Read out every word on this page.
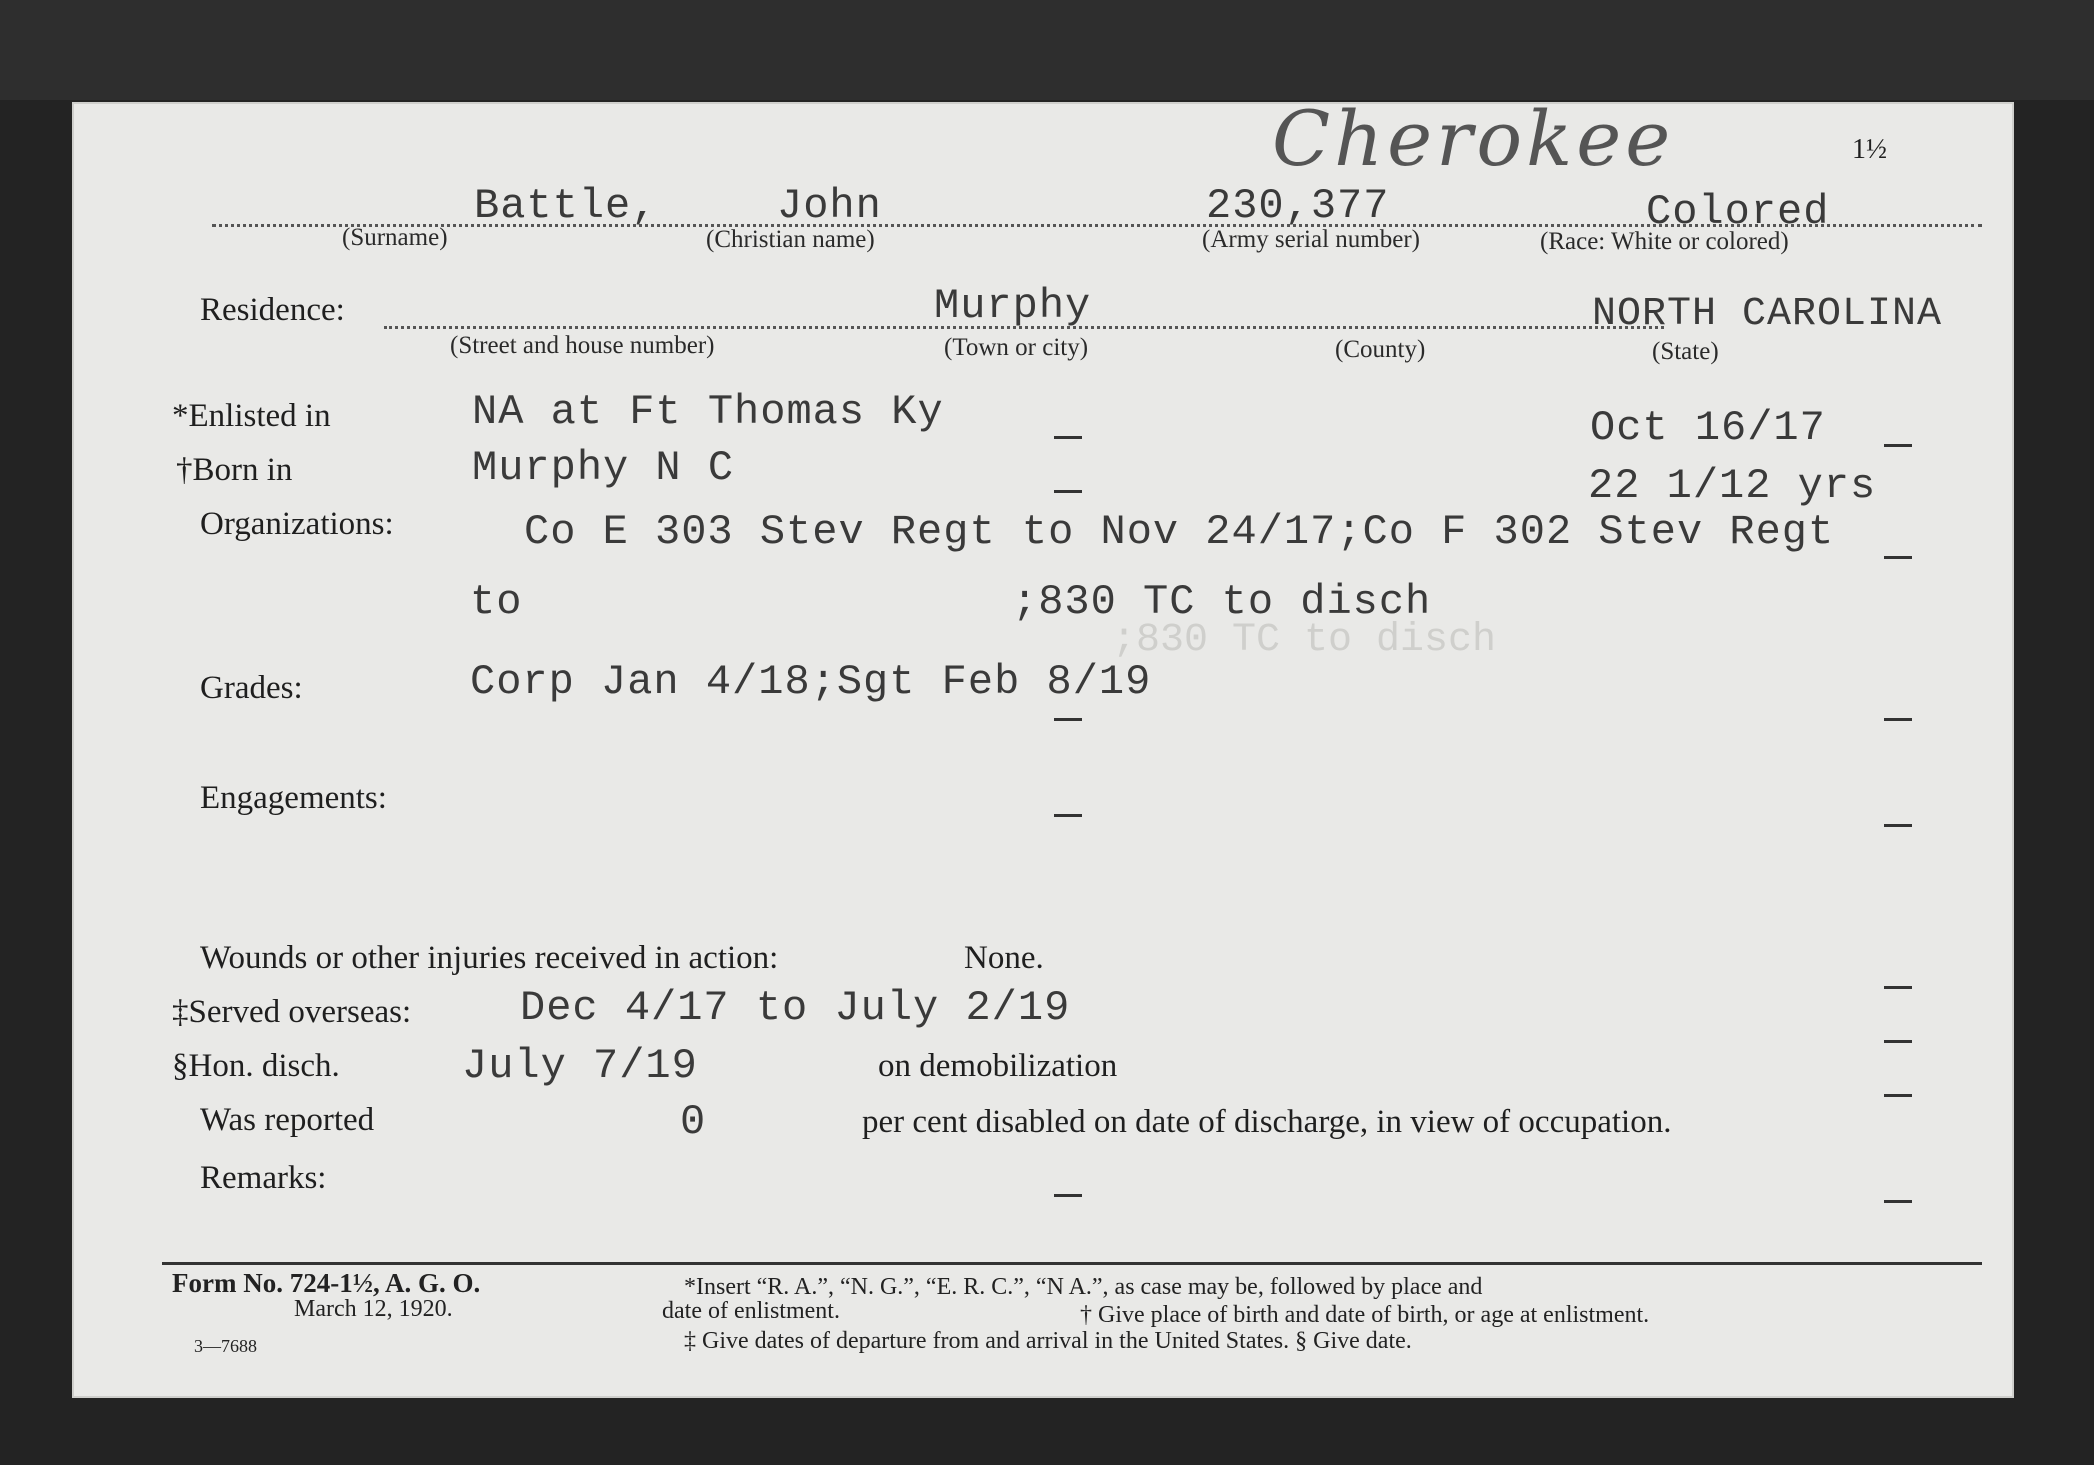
Cherokee	1½
Battle,	John	230,377	Colored
(Surname)	(Christian name)	(Army serial number)	(Race: White or colored)
Residence:	Murphy	NORTH CAROLINA
(Street and house number)	(Town or city)	(County)	(State)
*Enlisted in	NA at Ft Thomas Ky	Oct 16/17
†Born in	Murphy N C	22 1/12 yrs
Organizations:	Co E 303 Stev Regt to Nov 24/17;Co F 302 Stev Regt
to	;830 TC to disch
;830 TC to disch
Grades:	Corp Jan 4/18;Sgt Feb 8/19
Engagements:
Wounds or other injuries received in action:	None.
‡Served overseas:	Dec 4/17 to July 2/19
§Hon. disch.	July 7/19	on demobilization
Was reported	0	per cent disabled on date of discharge, in view of occupation.
Remarks:
Form No. 724-1½, A. G. O.
March 12, 1920.
3—7688
*Insert “R. A.”, “N. G.”, “E. R. C.”, “N A.”, as case may be, followed by place and
date of enlistment.	† Give place of birth and date of birth, or age at enlistment.
‡ Give dates of departure from and arrival in the United States. § Give date.
